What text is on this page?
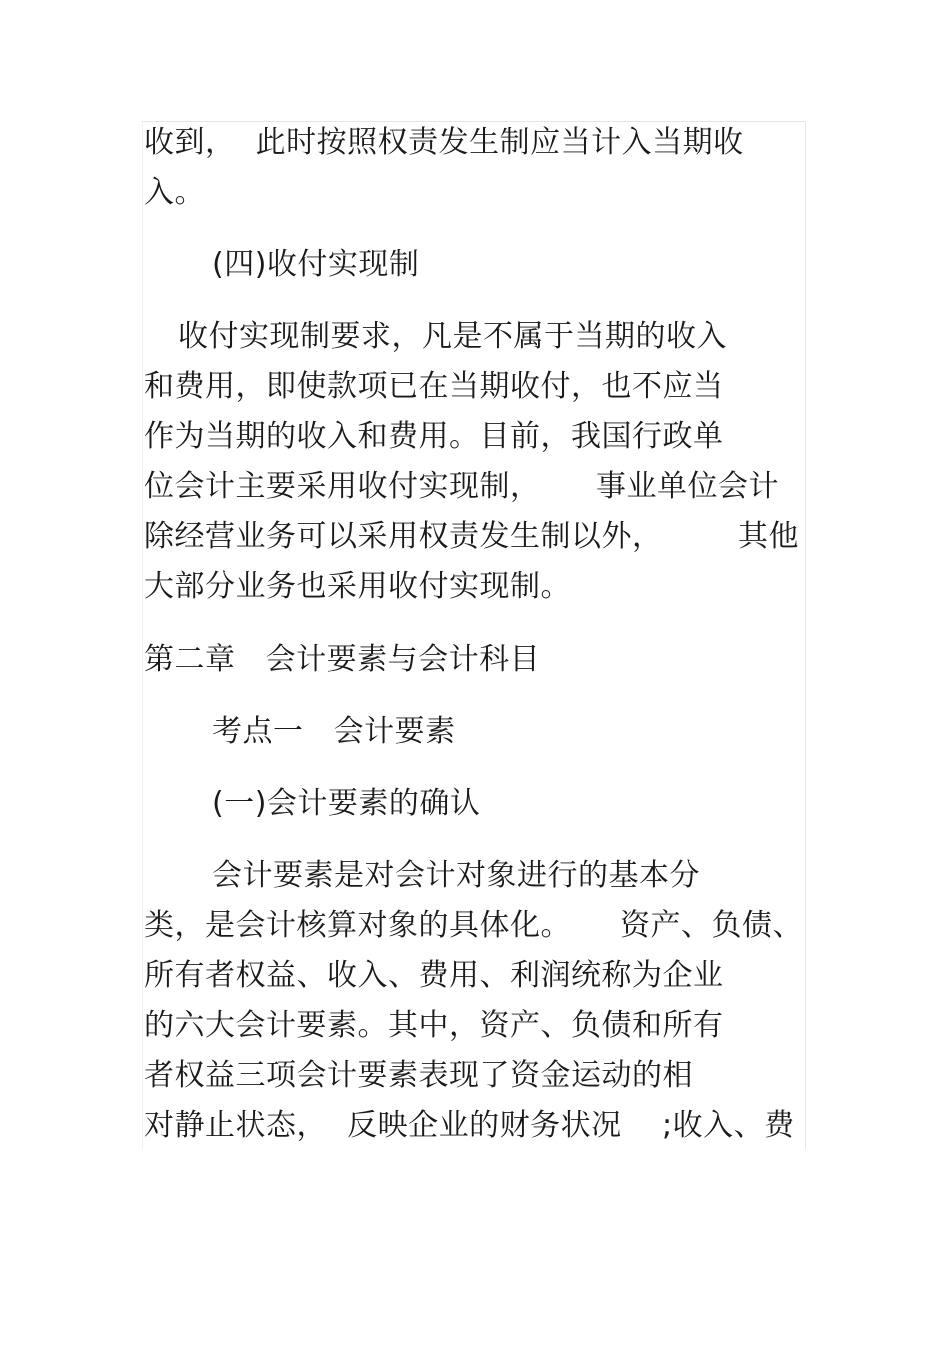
收到，  此时按照权责发生制应当计入当期收
入。
(四)收付实现制
收付实现制要求，凡是不属于当期的收入
和费用，即使款项已在当期收付，也不应当
作为当期的收入和费用。目前，我国行政单
位会计主要采用收付实现制， 事业单位会计
除经营业务可以采用权责发生制以外，	其他
大部分业务也采用收付实现制。
第二章   会计要素与会计科目
考点一   会计要素
(一)会计要素的确认
会计要素是对会计对象进行的基本分
类，是会计核算对象的具体化。 资产、负债、
所有者权益、收入、费用、利润统称为企业
的六大会计要素。其中，资产、负债和所有
者权益三项会计要素表现了资金运动的相
对静止状态，  反映企业的财务状况 ;收入、费
